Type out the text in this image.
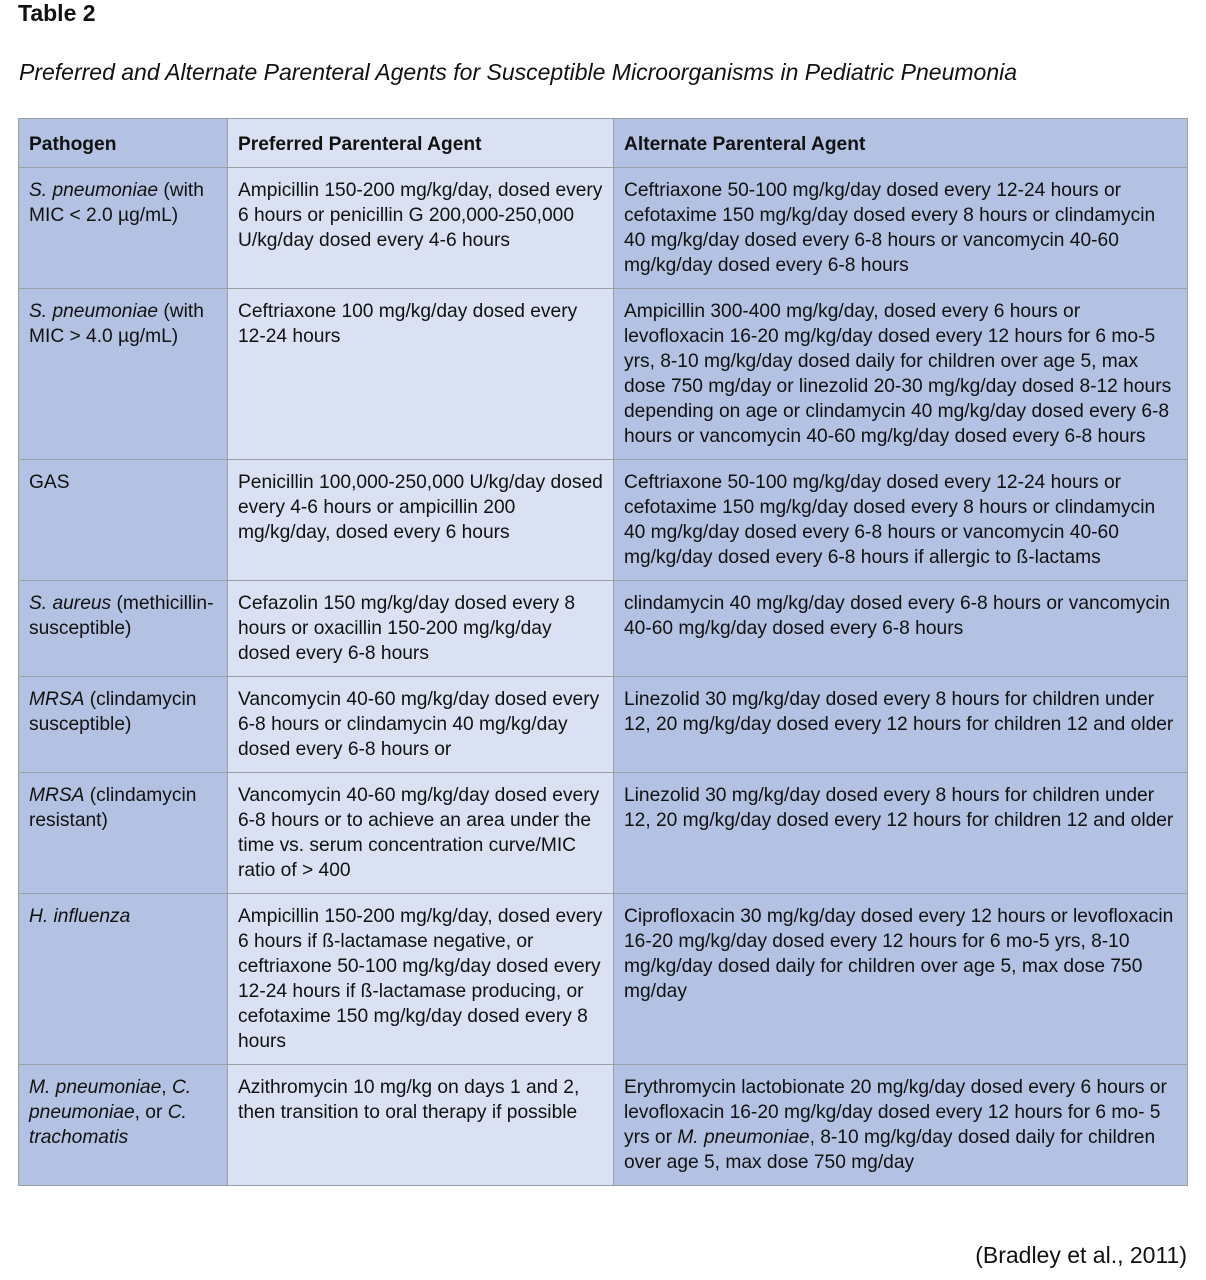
Table 2
Preferred and Alternate Parenteral Agents for Susceptible Microorganisms in Pediatric Pneumonia
Pathogen	Preferred Parenteral Agent	Alternate Parenteral Agent
S. pneumoniae (with MIC < 2.0 µg/mL)	Ampicillin 150-200 mg/kg/day, dosed every 6 hours or penicillin G 200,000-250,000 U/kg/day dosed every 4-6 hours	Ceftriaxone 50-100 mg/kg/day dosed every 12-24 hours or cefotaxime 150 mg/kg/day dosed every 8 hours or clindamycin 40 mg/kg/day dosed every 6-8 hours or vancomycin 40-60 mg/kg/day dosed every 6-8 hours
S. pneumoniae (with MIC > 4.0 µg/mL)	Ceftriaxone 100 mg/kg/day dosed every 12-24 hours	Ampicillin 300-400 mg/kg/day, dosed every 6 hours or levofloxacin 16-20 mg/kg/day dosed every 12 hours for 6 mo-5 yrs, 8-10 mg/kg/day dosed daily for children over age 5, max dose 750 mg/day or linezolid 20-30 mg/kg/day dosed 8-12 hours depending on age or clindamycin 40 mg/kg/day dosed every 6-8 hours or vancomycin 40-60 mg/kg/day dosed every 6-8 hours
GAS	Penicillin 100,000-250,000 U/kg/day dosed every 4-6 hours or ampicillin 200 mg/kg/day, dosed every 6 hours	Ceftriaxone 50-100 mg/kg/day dosed every 12-24 hours or cefotaxime 150 mg/kg/day dosed every 8 hours or clindamycin 40 mg/kg/day dosed every 6-8 hours or vancomycin 40-60 mg/kg/day dosed every 6-8 hours if allergic to ß-lactams
S. aureus (methicillin-susceptible)	Cefazolin 150 mg/kg/day dosed every 8 hours or oxacillin 150-200 mg/kg/day dosed every 6-8 hours	clindamycin 40 mg/kg/day dosed every 6-8 hours or vancomycin 40-60 mg/kg/day dosed every 6-8 hours
MRSA (clindamycin susceptible)	Vancomycin 40-60 mg/kg/day dosed every 6-8 hours or clindamycin 40 mg/kg/day dosed every 6-8 hours or	Linezolid 30 mg/kg/day dosed every 8 hours for children under 12, 20 mg/kg/day dosed every 12 hours for children 12 and older
MRSA (clindamycin resistant)	Vancomycin 40-60 mg/kg/day dosed every 6-8 hours or to achieve an area under the time vs. serum concentration curve/MIC ratio of > 400	Linezolid 30 mg/kg/day dosed every 8 hours for children under 12, 20 mg/kg/day dosed every 12 hours for children 12 and older
H. influenza	Ampicillin 150-200 mg/kg/day, dosed every 6 hours if ß-lactamase negative, or ceftriaxone 50-100 mg/kg/day dosed every 12-24 hours if ß-lactamase producing, or cefotaxime 150 mg/kg/day dosed every 8 hours	Ciprofloxacin 30 mg/kg/day dosed every 12 hours or levofloxacin 16-20 mg/kg/day dosed every 12 hours for 6 mo-5 yrs, 8-10 mg/kg/day dosed daily for children over age 5, max dose 750 mg/day
M. pneumoniae, C. pneumoniae, or C. trachomatis	Azithromycin 10 mg/kg on days 1 and 2, then transition to oral therapy if possible	Erythromycin lactobionate 20 mg/kg/day dosed every 6 hours or levofloxacin 16-20 mg/kg/day dosed every 12 hours for 6 mo- 5 yrs or M. pneumoniae, 8-10 mg/kg/day dosed daily for children over age 5, max dose 750 mg/day
(Bradley et al., 2011)
